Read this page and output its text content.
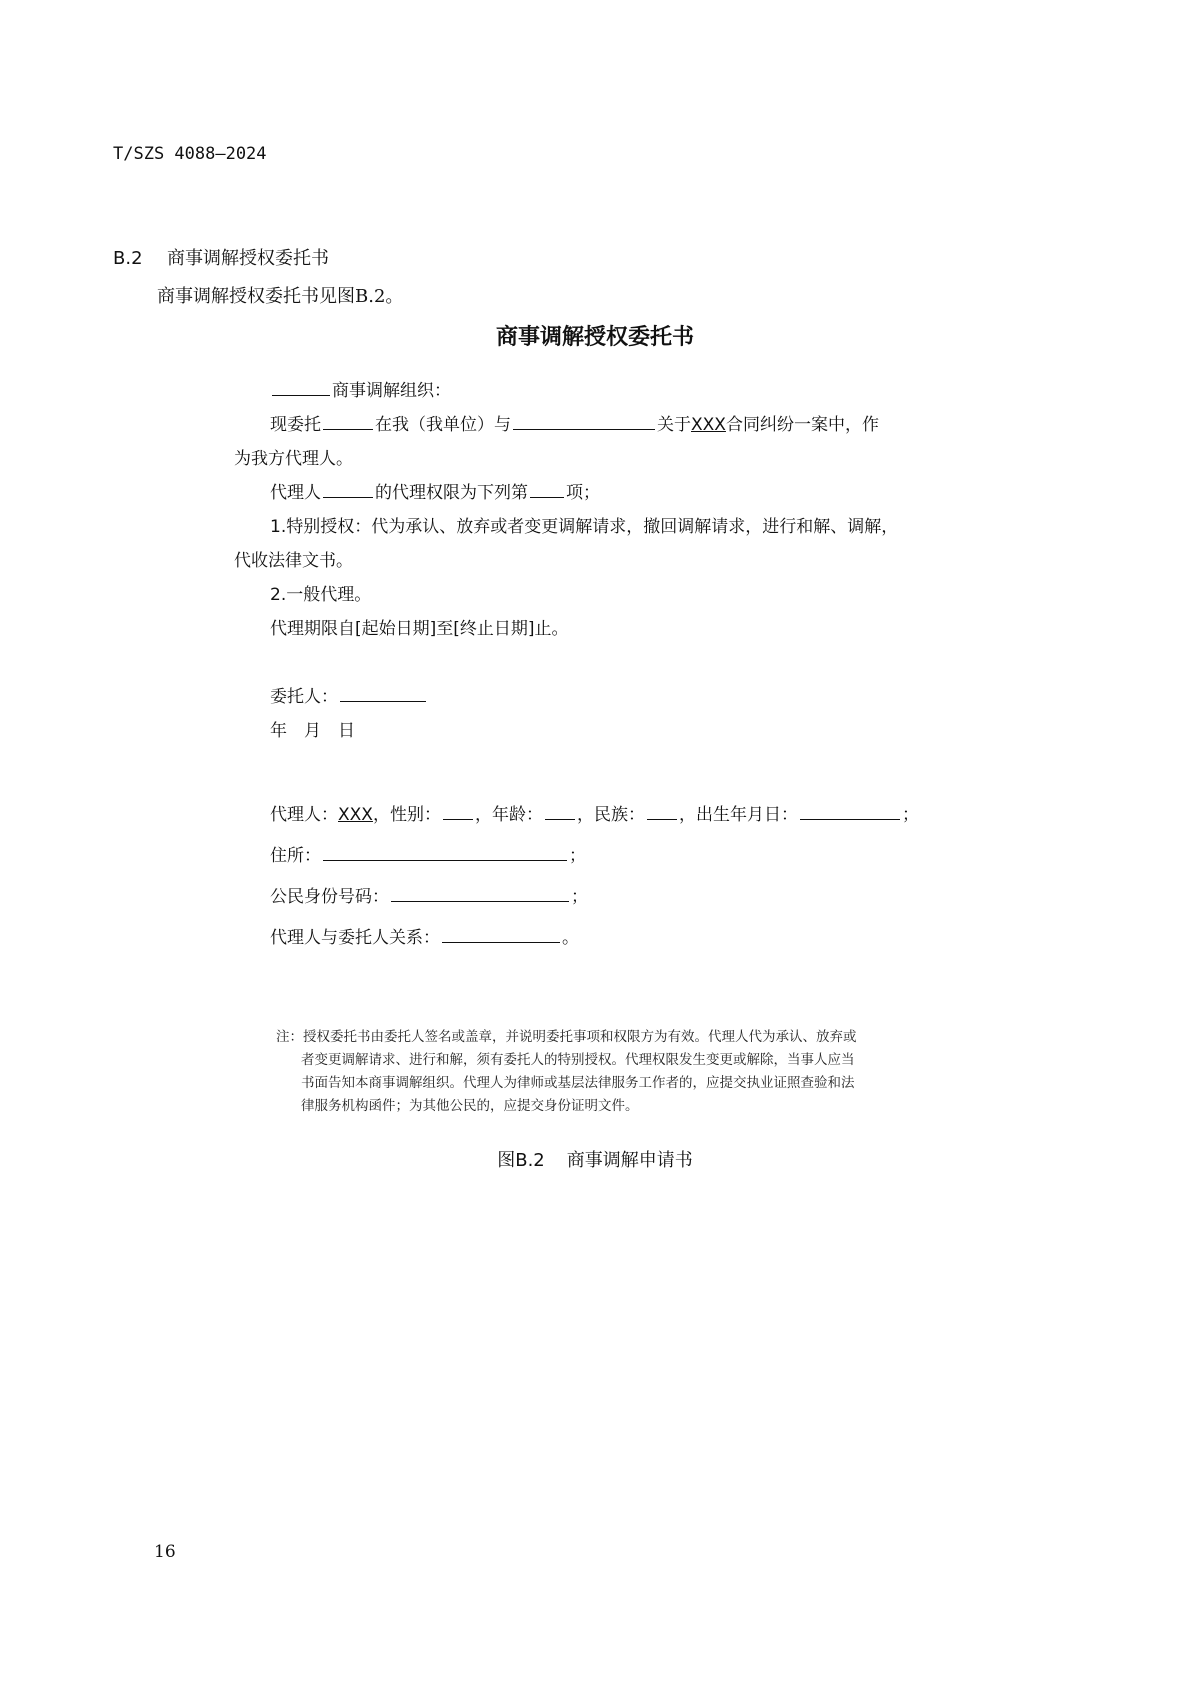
T/SZS 4088—2024
B.2 商事调解授权委托书
商事调解授权委托书见图B.2。
商事调解授权委托书
商事调解组织：
现委托	在我（我单位）与	关于XXX合同纠纷一案中，作
为我方代理人。
代理人	的代理权限为下列第 项；
1.特别授权：代为承认、放弃或者变更调解请求，撤回调解请求，进行和解、调解，
代收法律文书。
2.一般代理。
代理期限自[起始日期]至[终止日期]止。
委托人：
年　月　日
代理人：XXX，性别： ，年龄： ，民族： ，出生年月日：	；
住所：	；
公民身份号码：	；
代理人与委托人关系：	。

注：授权委托书由委托人签名或盖章，并说明委托事项和权限方为有效。代理人代为承认、放弃或

者变更调解请求、进行和解，须有委托人的特别授权。代理权限发生变更或解除，当事人应当

书面告知本商事调解组织。代理人为律师或基层法律服务工作者的，应提交执业证照查验和法

律服务机构函件；为其他公民的，应提交身份证明文件。

图B.2 商事调解申请书
16
